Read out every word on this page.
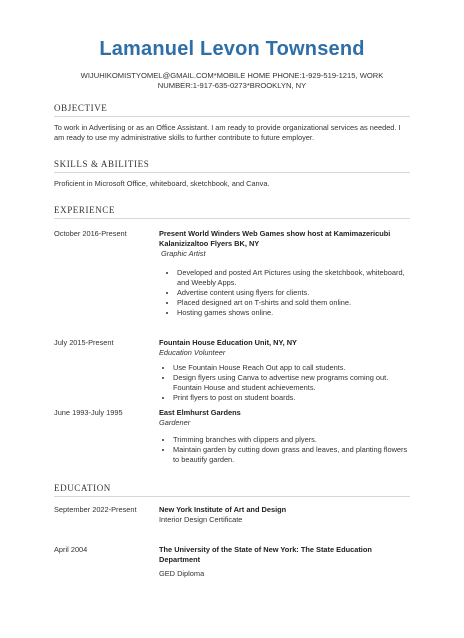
Lamanuel Levon Townsend
WIJUHIKOMISTYOMEL@GMAIL.COM*MOBILE HOME PHONE:1-929-519-1215, WORK NUMBER:1-917-635-0273*BROOKLYN, NY
OBJECTIVE
To work in Advertising or as an Office Assistant. I am ready to provide organizational services as needed. I am ready to use my administrative skills to further contribute to future employer.
SKILLS & ABILITIES
Proficient in Microsoft Office, whiteboard, sketchbook, and Canva.
EXPERIENCE
October 2016-Present	Present World Winders Web Games show host at Kamimazericubi Kalanizizaltoo Flyers BK, NY
Graphic Artist
• Developed and posted Art Pictures using the sketchbook, whiteboard, and Weebly Apps.
• Advertise content using flyers for clients.
• Placed designed art on T-shirts and sold them online.
• Hosting games shows online.
July 2015-Present	Fountain House Education Unit, NY, NY
Education Volunteer
• Use Fountain House Reach Out app to call students.
• Design flyers using Canva to advertise new programs coming out. Fountain House and student achievements.
• Print flyers to post on student boards.
June 1993-July 1995	East Elmhurst Gardens
Gardener
• Trimming branches with clippers and plyers.
• Maintain garden by cutting down grass and leaves, and planting flowers to beautify garden.
EDUCATION
September 2022-Present	New York Institute of Art and Design
Interior Design Certificate
April 2004	The University of the State of New York: The State Education Department
GED Diploma
